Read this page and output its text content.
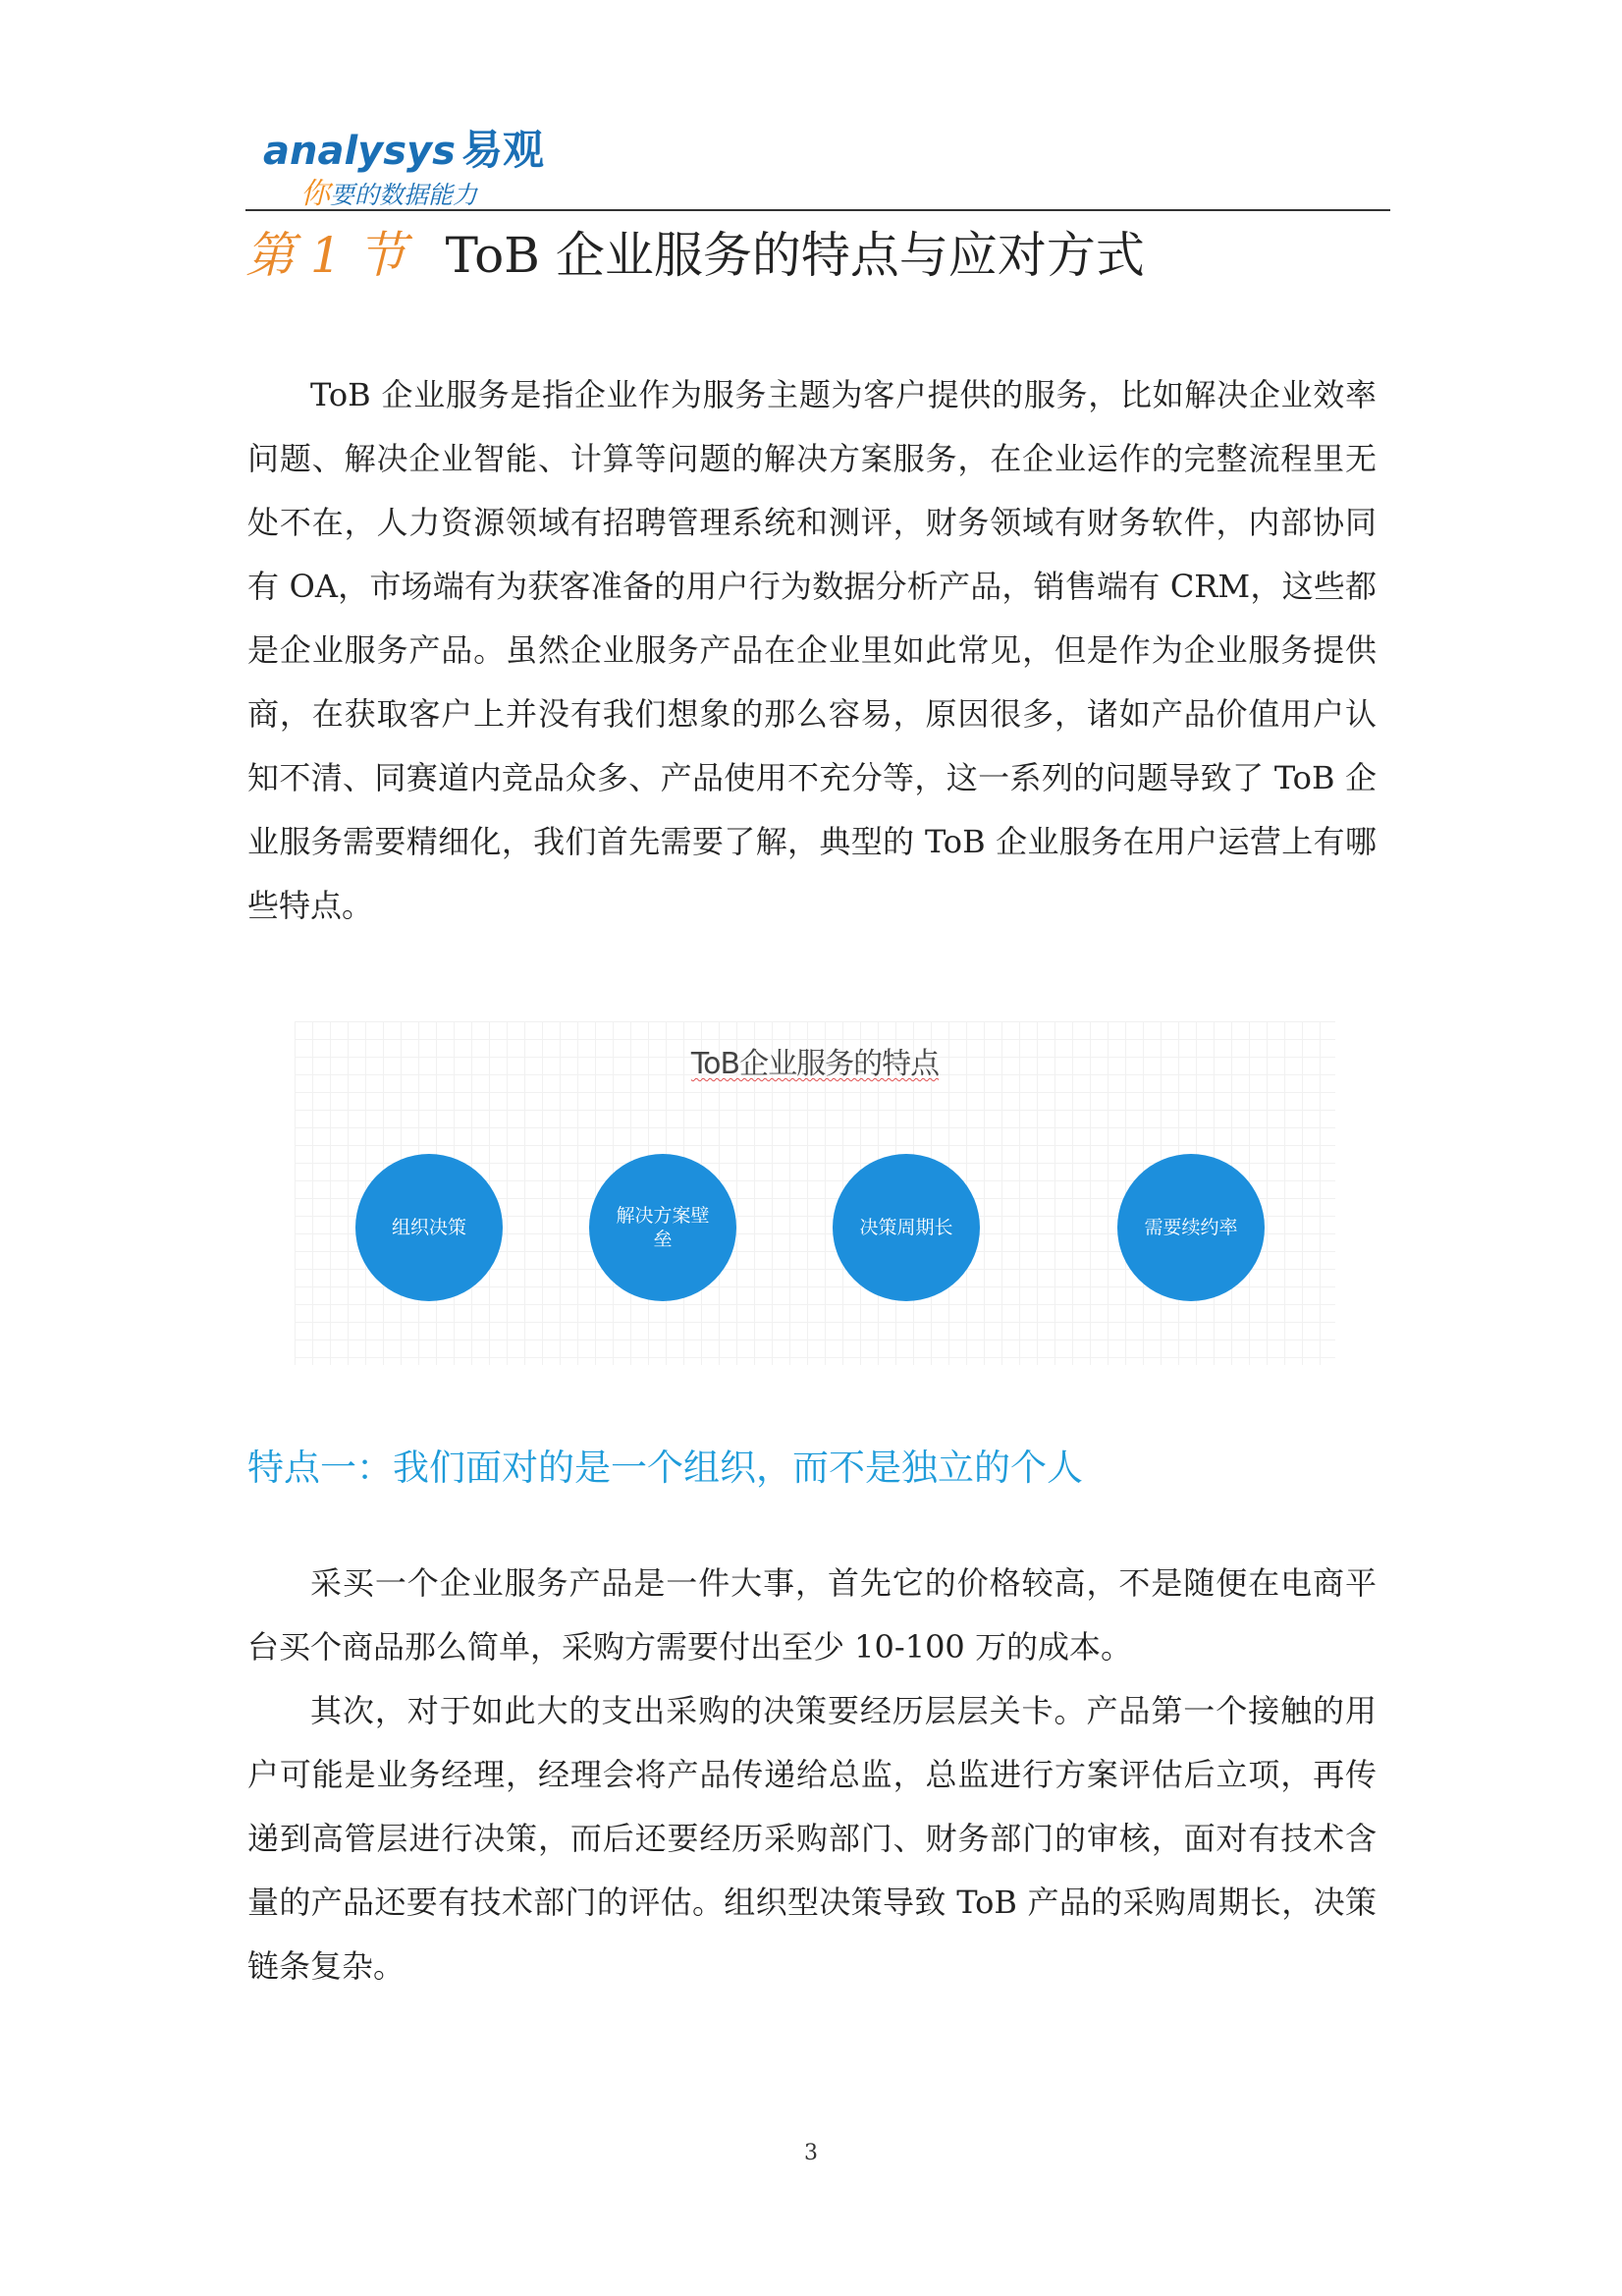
analysys 易观
你要的数据能力
第 1 节 ToB 企业服务的特点与应对方式

ToB 企业服务是指企业作为服务主题为客户提供的服务，比如解决企业效率问题、解决企业智能、计算等问题的解决方案服务，在企业运作的完整流程里无处不在，人力资源领域有招聘管理系统和测评，财务领域有财务软件，内部协同有 OA，市场端有为获客准备的用户行为数据分析产品，销售端有 CRM，这些都是企业服务产品。虽然企业服务产品在企业里如此常见，但是作为企业服务提供商，在获取客户上并没有我们想象的那么容易，原因很多，诸如产品价值用户认知不清、同赛道内竞品众多、产品使用不充分等，这一系列的问题导致了 ToB 企业服务需要精细化，我们首先需要了解，典型的 ToB 企业服务在用户运营上有哪些特点。

ToB企业服务的特点
组织决策
解决方案壁垒
决策周期长	需要续约率
特点一：我们面对的是一个组织，而不是独立的个人

采买一个企业服务产品是一件大事，首先它的价格较高，不是随便在电商平台买个商品那么简单，采购方需要付出至少 10-100 万的成本。

其次，对于如此大的支出采购的决策要经历层层关卡。产品第一个接触的用户可能是业务经理，经理会将产品传递给总监，总监进行方案评估后立项，再传递到高管层进行决策，而后还要经历采购部门、财务部门的审核，面对有技术含量的产品还要有技术部门的评估。组织型决策导致 ToB 产品的采购周期长，决策链条复杂。

3
